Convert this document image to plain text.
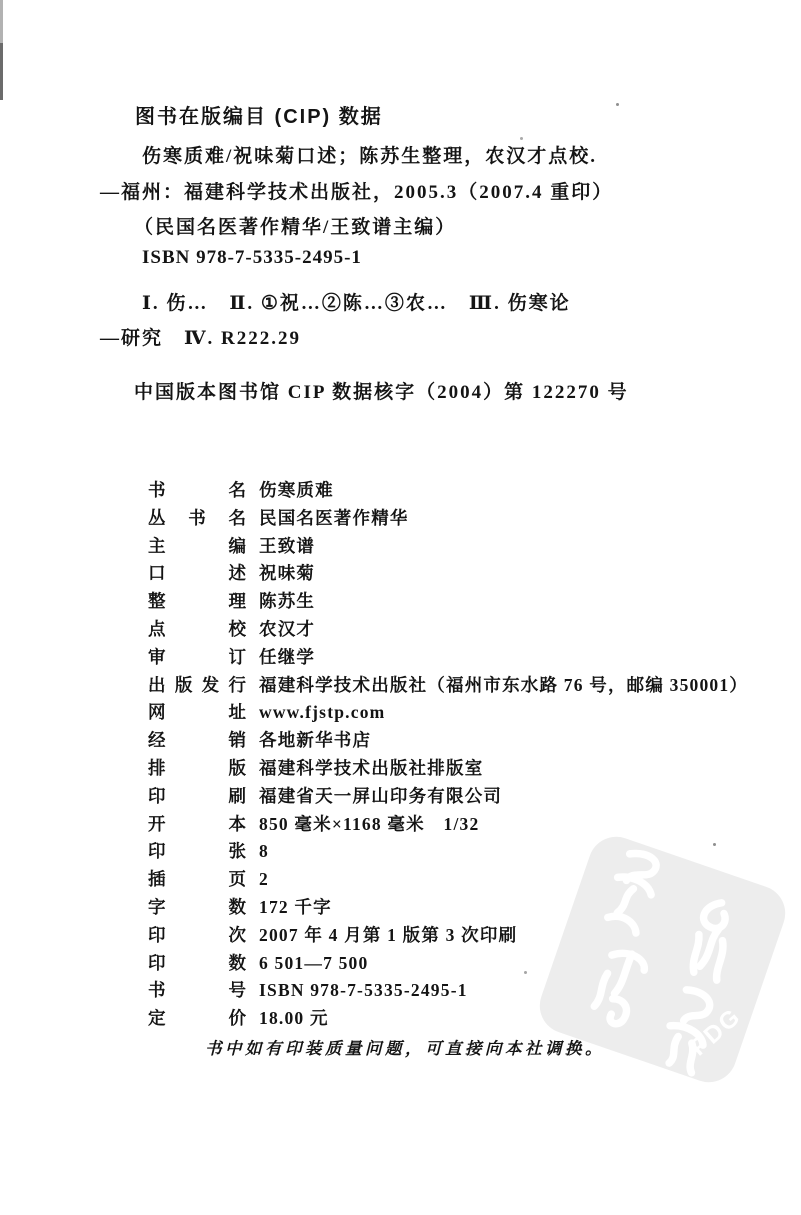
PDG
图书在版编目 (CIP) 数据
伤寒质难/祝味菊口述；陈苏生整理，农汉才点校.
—福州：福建科学技术出版社，2005.3（2007.4 重印）
（民国名医著作精华/王致谱主编）
ISBN 978-7-5335-2495-1
Ⅰ. 伤…　Ⅱ. ①祝…②陈…③农…　Ⅲ. 伤寒论
—研究　Ⅳ. R222.29
中国版本图书馆 CIP 数据核字（2004）第 122270 号
书	名 伤寒质难
丛 书 名 民国名医著作精华
主	编 王致谱
口	述 祝味菊
整	理 陈苏生
点	校 农汉才
审	订 任继学
出 版 发 行 福建科学技术出版社（福州市东水路 76 号，邮编 350001）
网	址 www.fjstp.com
经	销 各地新华书店
排	版 福建科学技术出版社排版室
印	刷 福建省天一屏山印务有限公司
开	本 850 毫米×1168 毫米　1/32
印	张 8
插	页 2
字	数 172 千字
印	次 2007 年 4 月第 1 版第 3 次印刷
印	数 6 501—7 500
书	号 ISBN 978-7-5335-2495-1
定	价 18.00 元
书中如有印装质量问题，可直接向本社调换。
